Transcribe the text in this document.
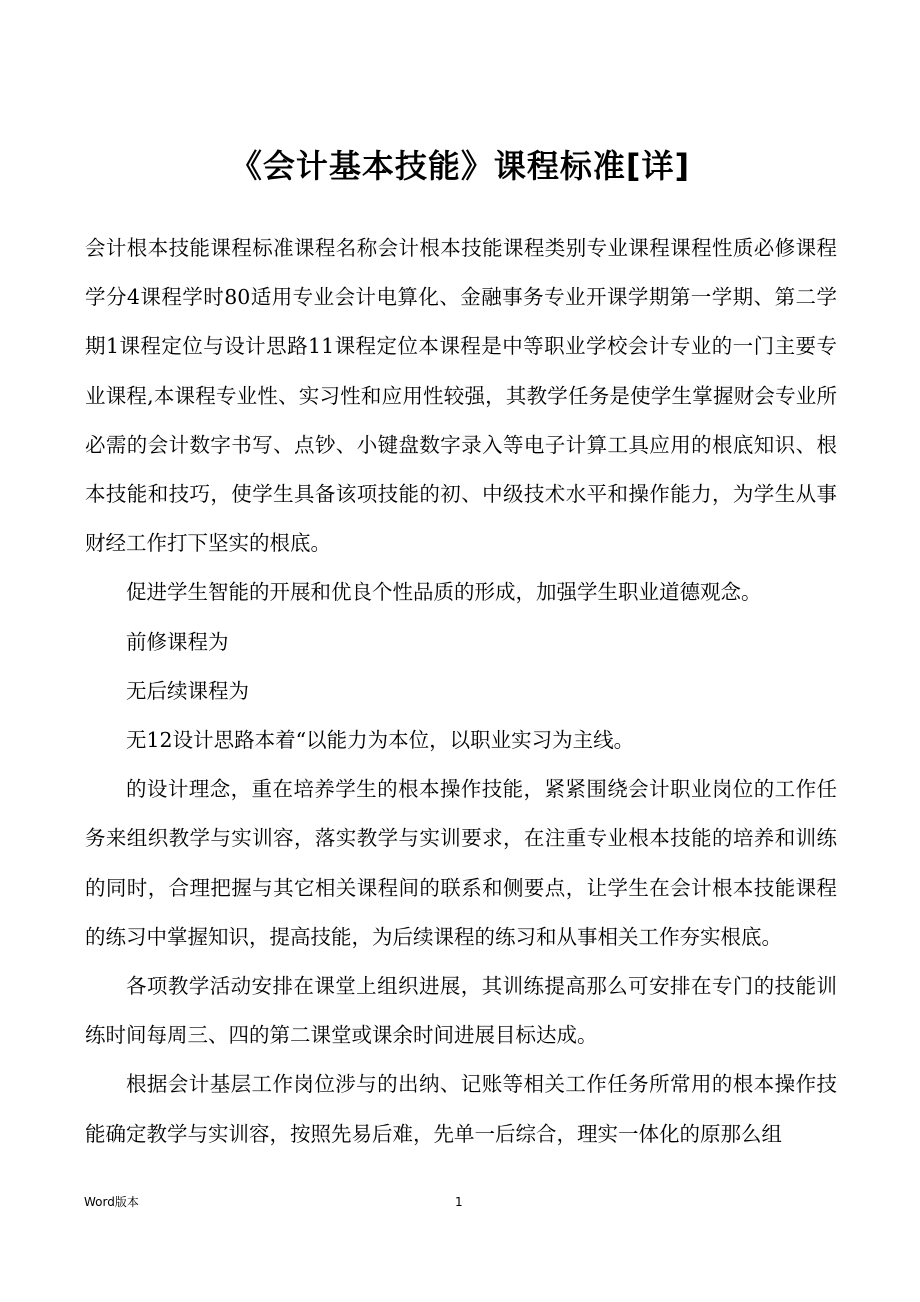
《会计基本技能》课程标准[详]

会计根本技能课程标准课程名称会计根本技能课程类别专业课程课程性质必修课程学分4课程学时80适用专业会计电算化、金融事务专业开课学期第一学期、第二学期1课程定位与设计思路11课程定位本课程是中等职业学校会计专业的一门主要专业课程,本课程专业性、实习性和应用性较强，其教学任务是使学生掌握财会专业所必需的会计数字书写、点钞、小键盘数字录入等电子计算工具应用的根底知识、根本技能和技巧，使学生具备该项技能的初、中级技术水平和操作能力，为学生从事财经工作打下坚实的根底。

促进学生智能的开展和优良个性品质的形成，加强学生职业道德观念。

前修课程为

无后续课程为

无12设计思路本着“以能力为本位，以职业实习为主线。

的设计理念，重在培养学生的根本操作技能，紧紧围绕会计职业岗位的工作任务来组织教学与实训容，落实教学与实训要求，在注重专业根本技能的培养和训练的同时，合理把握与其它相关课程间的联系和侧要点，让学生在会计根本技能课程的练习中掌握知识，提高技能，为后续课程的练习和从事相关工作夯实根底。

各项教学活动安排在课堂上组织进展，其训练提高那么可安排在专门的技能训练时间每周三、四的第二课堂或课余时间进展目标达成。

根据会计基层工作岗位涉与的出纳、记账等相关工作任务所常用的根本操作技能确定教学与实训容，按照先易后难，先单一后综合，理实一体化的原那么组

Word版本	1
